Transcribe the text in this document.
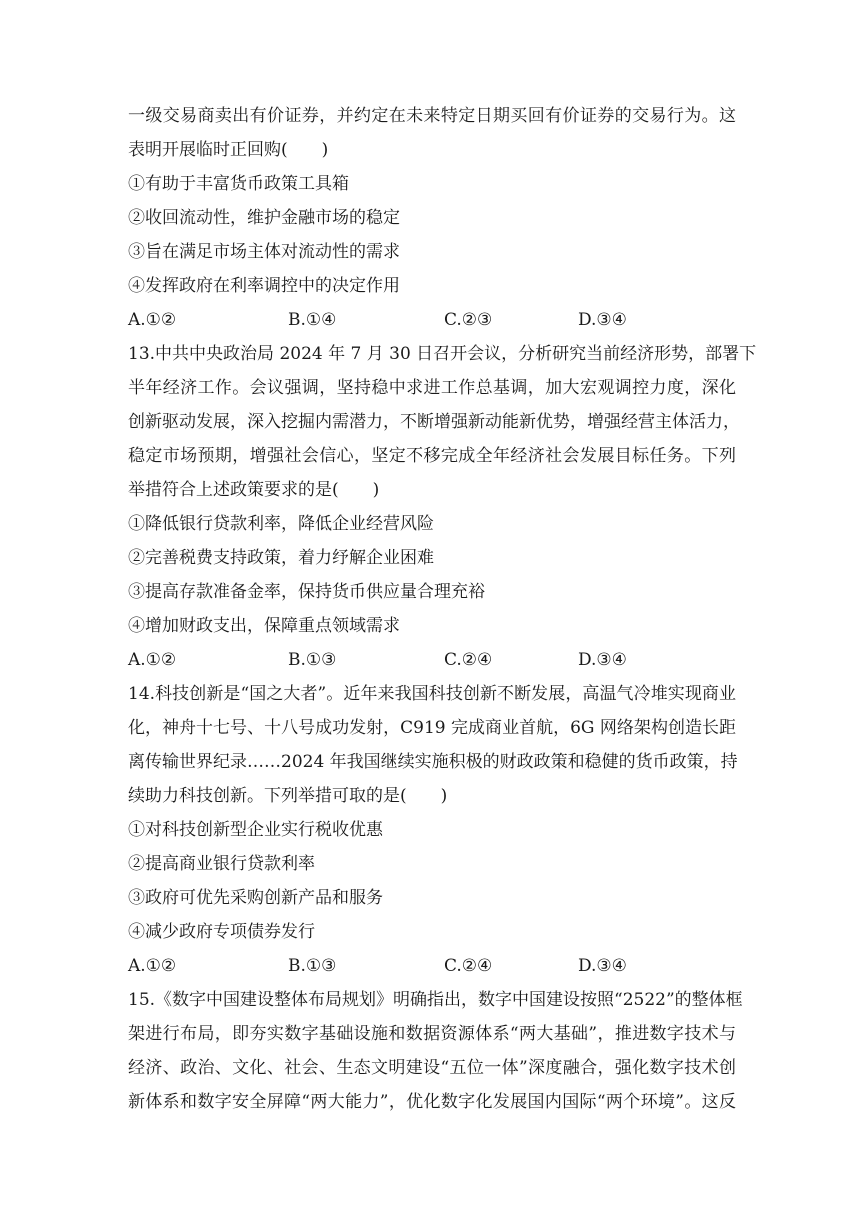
一级交易商卖出有价证券，并约定在未来特定日期买回有价证券的交易行为。这
表明开展临时正回购(　　)
①有助于丰富货币政策工具箱
②收回流动性，维护金融市场的稳定
③旨在满足市场主体对流动性的需求
④发挥政府在利率调控中的决定作用
A.①②	B.①④	C.②③	D.③④
13.中共中央政治局 2024 年 7 月 30 日召开会议，分析研究当前经济形势，部署下
半年经济工作。会议强调，坚持稳中求进工作总基调，加大宏观调控力度，深化
创新驱动发展，深入挖掘内需潜力，不断增强新动能新优势，增强经营主体活力，
稳定市场预期，增强社会信心，坚定不移完成全年经济社会发展目标任务。下列
举措符合上述政策要求的是(　　)
①降低银行贷款利率，降低企业经营风险
②完善税费支持政策，着力纾解企业困难
③提高存款准备金率，保持货币供应量合理充裕
④增加财政支出，保障重点领域需求
A.①②	B.①③	C.②④	D.③④
14.科技创新是“国之大者”。近年来我国科技创新不断发展，高温气冷堆实现商业
化，神舟十七号、十八号成功发射，C919 完成商业首航，6G 网络架构创造长距
离传输世界纪录……2024 年我国继续实施积极的财政政策和稳健的货币政策，持
续助力科技创新。下列举措可取的是(　　)
①对科技创新型企业实行税收优惠
②提高商业银行贷款利率
③政府可优先采购创新产品和服务
④减少政府专项债券发行
A.①②	B.①③	C.②④	D.③④
15.《数字中国建设整体布局规划》明确指出，数字中国建设按照“2522”的整体框
架进行布局，即夯实数字基础设施和数据资源体系“两大基础”，推进数字技术与
经济、政治、文化、社会、生态文明建设“五位一体”深度融合，强化数字技术创
新体系和数字安全屏障“两大能力”，优化数字化发展国内国际“两个环境”。这反
